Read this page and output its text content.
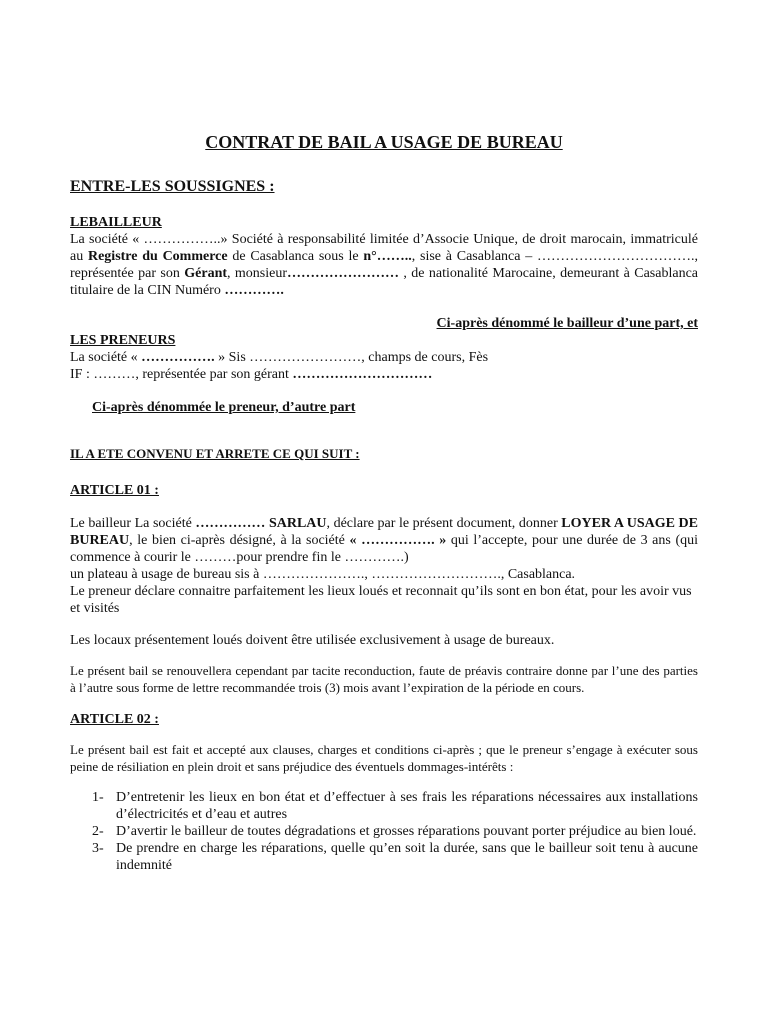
CONTRAT DE BAIL A USAGE DE BUREAU
ENTRE-LES SOUSSIGNES :
LEBAILLEUR
La société « ……………..» Société à responsabilité limitée d’Associe Unique, de droit marocain, immatriculé au Registre du Commerce de Casablanca sous le n°…….., sise à Casablanca – ……………………………., représentée par son Gérant, monsieur…………………… , de nationalité Marocaine, demeurant à Casablanca titulaire de la CIN Numéro ………….
Ci-après dénommé le bailleur d’une part, et
LES PRENEURS
La société « ……………. » Sis ……………………, champs de cours, Fès
IF : ………, représentée par son gérant …………………………
Ci-après dénommée le preneur, d’autre part
IL A ETE CONVENU ET ARRETE CE QUI SUIT :
ARTICLE 01 :
Le bailleur La société …………… SARLAU, déclare par le présent document, donner LOYER A USAGE DE BUREAU, le bien ci-après désigné, à la société « ……………. » qui l’accepte, pour une durée de 3 ans (qui commence à courir le ………pour prendre fin le ………….)
un plateau à usage de bureau sis à …………………., ………………………., Casablanca.
Le preneur déclare connaitre parfaitement les lieux loués et reconnait qu’ils sont en bon état, pour les avoir vus et visités
Les locaux présentement loués doivent être utilisée exclusivement à usage de bureaux.
Le présent bail se renouvellera cependant par tacite reconduction, faute de préavis contraire donne par l’une des parties à l’autre sous forme de lettre recommandée trois (3) mois avant l’expiration de la période en cours.
ARTICLE 02 :
Le présent bail est fait et accepté aux clauses, charges et conditions ci-après ; que le preneur s’engage à exécuter sous peine de résiliation en plein droit et sans préjudice des éventuels dommages-intérêts :
1- D’entretenir les lieux en bon état et d’effectuer à ses frais les réparations nécessaires aux installations d’électricités et d’eau et autres
2- D’avertir le bailleur de toutes dégradations et grosses réparations pouvant porter préjudice au bien loué.
3- De prendre en charge les réparations, quelle qu’en soit la durée, sans que le bailleur soit tenu à aucune indemnité
